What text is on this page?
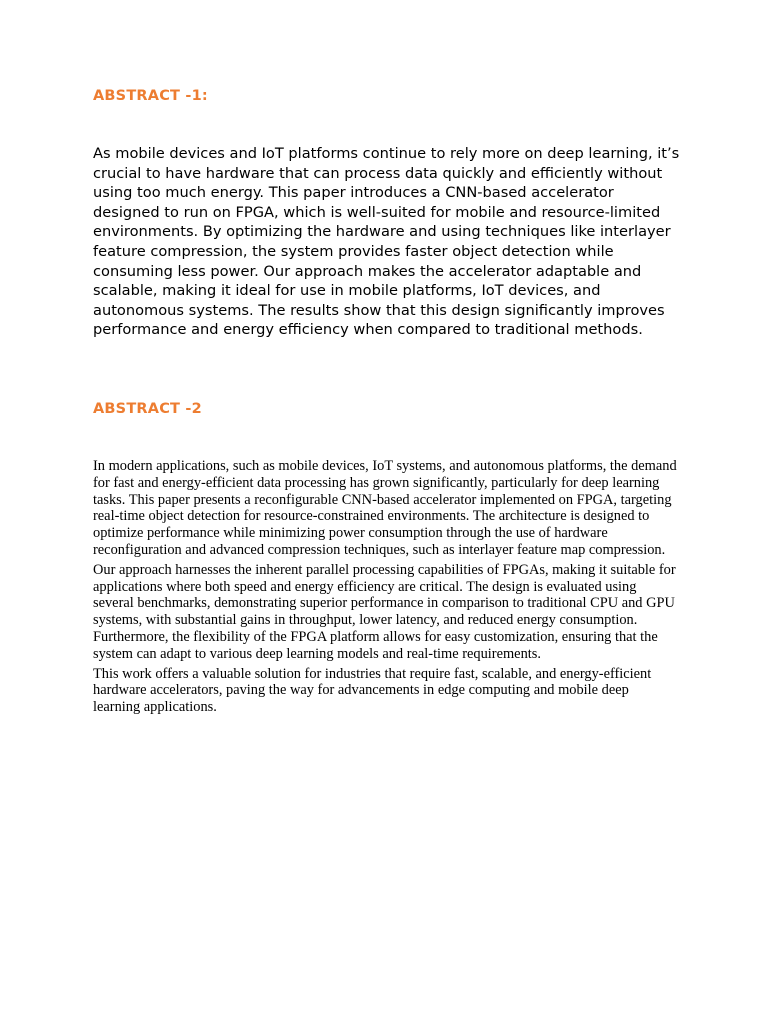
ABSTRACT -1:

As mobile devices and IoT platforms continue to rely more on deep learning, it’s crucial to have hardware that can process data quickly and efficiently without using too much energy. This paper introduces a CNN-based accelerator designed to run on FPGA, which is well-suited for mobile and resource-limited environments. By optimizing the hardware and using techniques like interlayer feature compression, the system provides faster object detection while consuming less power. Our approach makes the accelerator adaptable and scalable, making it ideal for use in mobile platforms, IoT devices, and autonomous systems. The results show that this design significantly improves performance and energy efficiency when compared to traditional methods.

ABSTRACT -2

In modern applications, such as mobile devices, IoT systems, and autonomous platforms, the demand for fast and energy-efficient data processing has grown significantly, particularly for deep learning tasks. This paper presents a reconfigurable CNN-based accelerator implemented on FPGA, targeting real-time object detection for resource-constrained environments. The architecture is designed to optimize performance while minimizing power consumption through the use of hardware reconfiguration and advanced compression techniques, such as interlayer feature map compression.

Our approach harnesses the inherent parallel processing capabilities of FPGAs, making it suitable for applications where both speed and energy efficiency are critical. The design is evaluated using several benchmarks, demonstrating superior performance in comparison to traditional CPU and GPU systems, with substantial gains in throughput, lower latency, and reduced energy consumption. Furthermore, the flexibility of the FPGA platform allows for easy customization, ensuring that the system can adapt to various deep learning models and real-time requirements.

This work offers a valuable solution for industries that require fast, scalable, and energy-efficient hardware accelerators, paving the way for advancements in edge computing and mobile deep learning applications.
